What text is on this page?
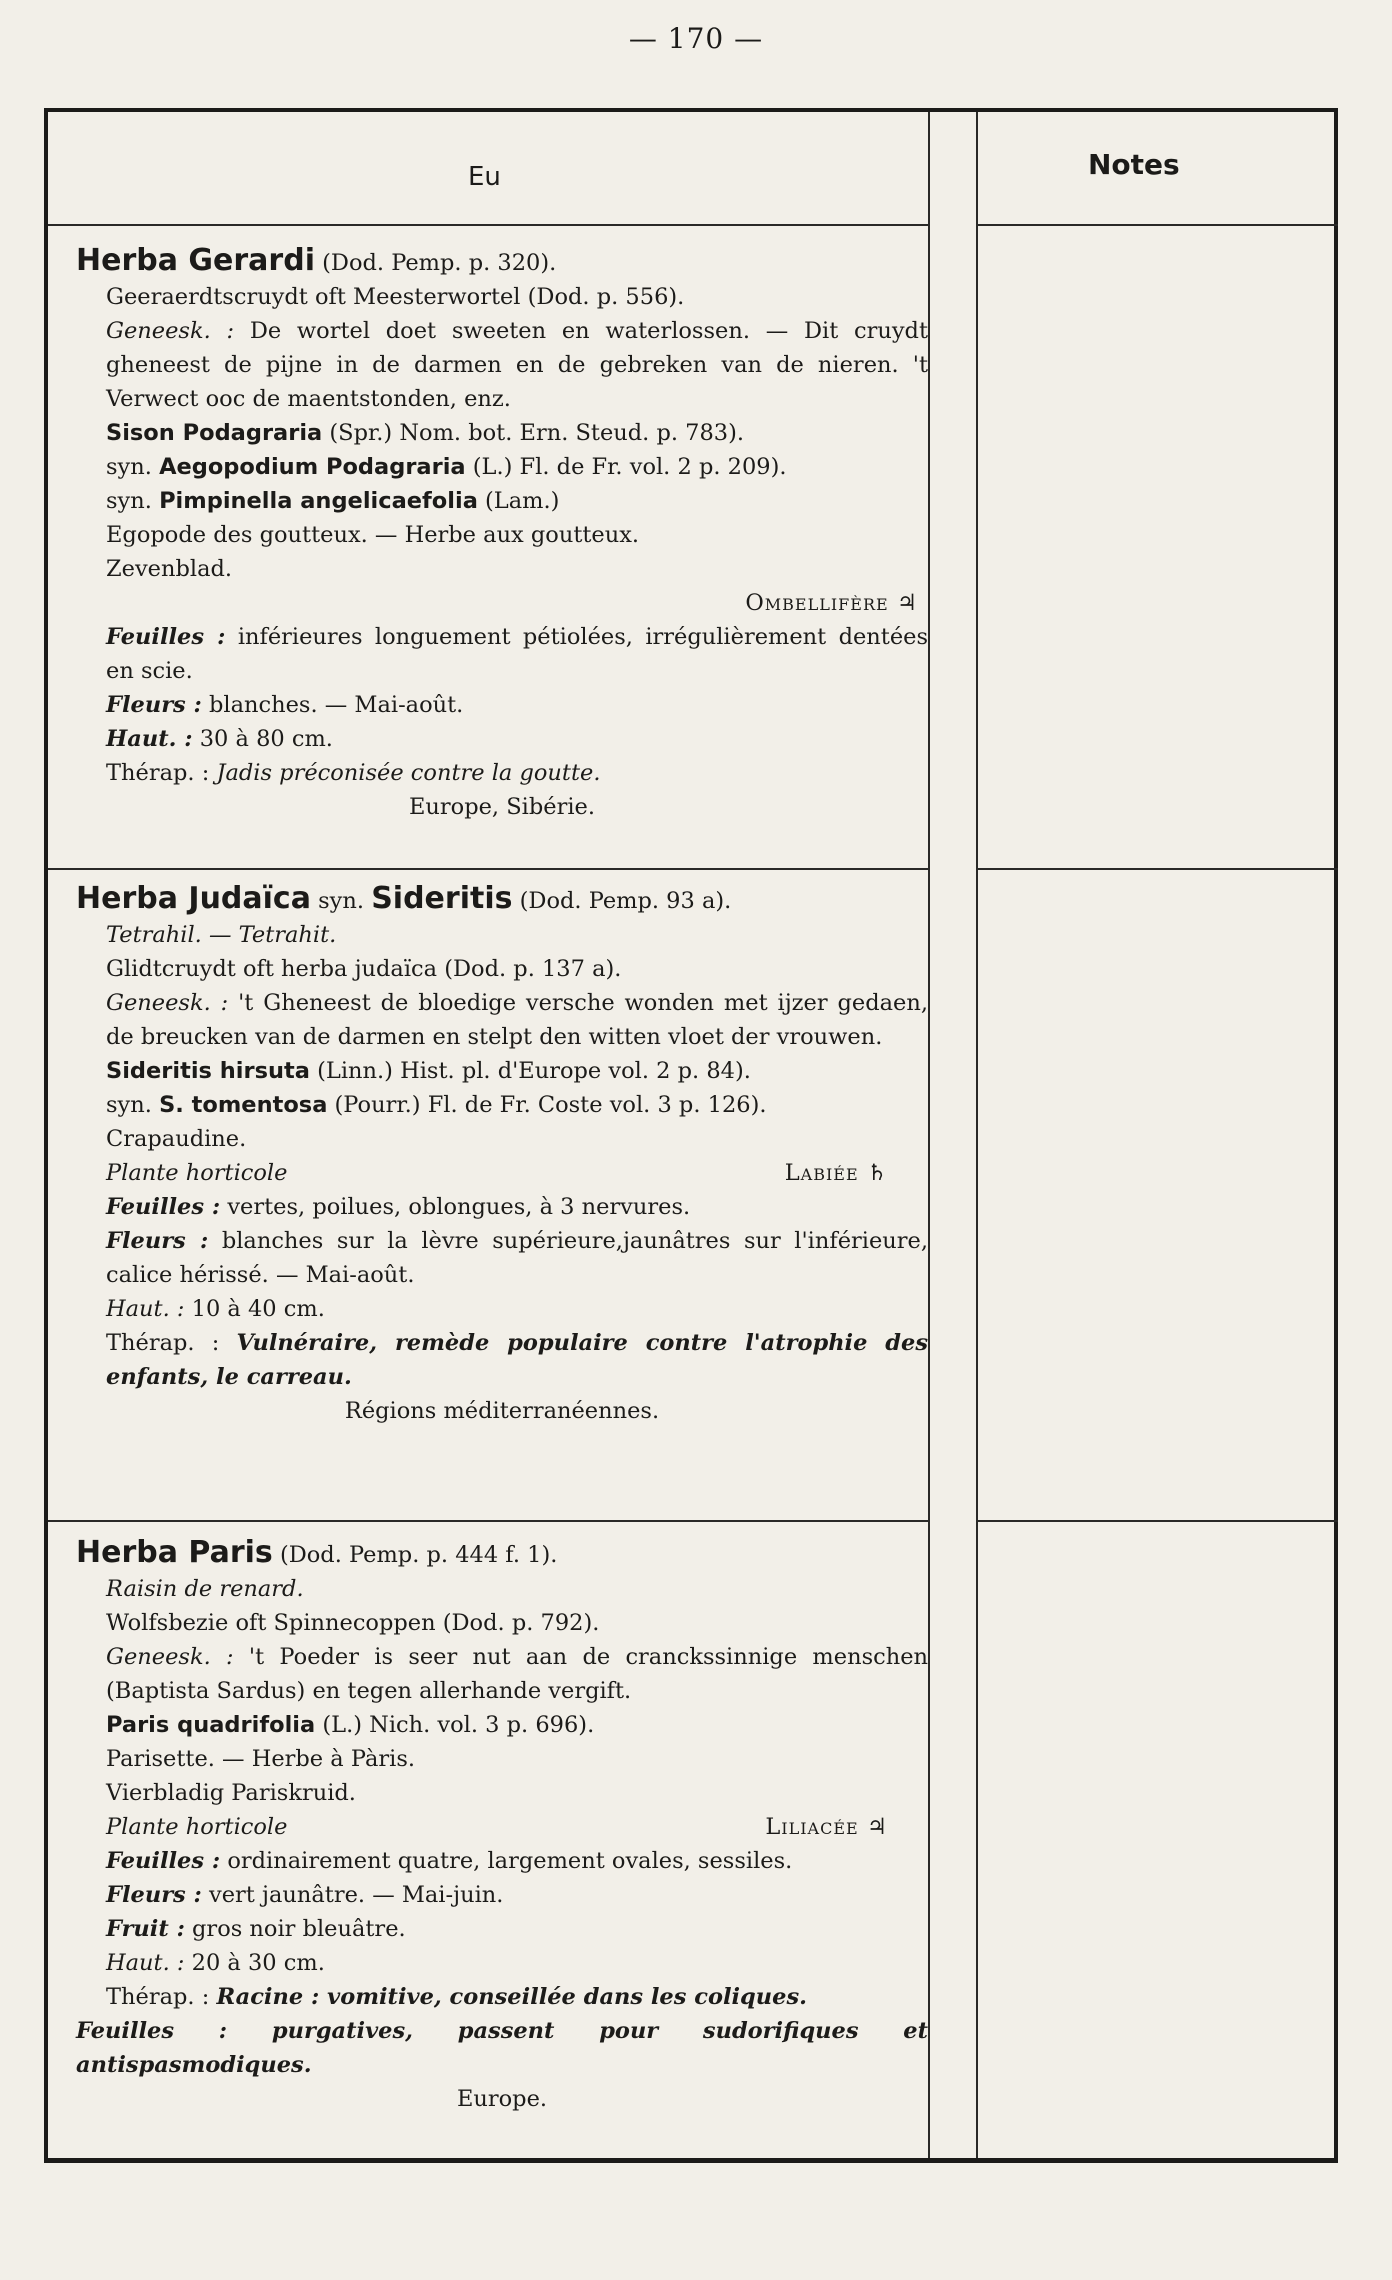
— 170 —
Eu	Notes
Herba Gerardi (Dod. Pemp. p. 320).
Geeraerdtscruydt oft Meesterwortel (Dod. p. 556).
Geneesk. : De wortel doet sweeten en waterlossen. — Dit cruydt gheneest de pijne in de darmen en de gebreken van de nieren. 't Verwect ooc de maentstonden, enz.
Sison Podagraria (Spr.) Nom. bot. Ern. Steud. p. 783).
syn. Aegopodium Podagraria (L.) Fl. de Fr. vol. 2 p. 209).
syn. Pimpinella angelicaefolia (Lam.)
Egopode des goutteux. — Herbe aux goutteux.
Zevenblad.
Ombellifère ♃
Feuilles : inférieures longuement pétiolées, irrégulièrement dentées en scie.
Fleurs : blanches. — Mai-août.
Haut. : 30 à 80 cm.
Thérap. : Jadis préconisée contre la goutte.
Europe, Sibérie.
Herba Judaïca syn. Sideritis (Dod. Pemp. 93 a).
Tetrahil. — Tetrahit.
Glidtcruydt oft herba judaïca (Dod. p. 137 a).
Geneesk. : 't Gheneest de bloedige versche wonden met ijzer gedaen, de breucken van de darmen en stelpt den witten vloet der vrouwen.
Sideritis hirsuta (Linn.) Hist. pl. d'Europe vol. 2 p. 84).
syn. S. tomentosa (Pourr.) Fl. de Fr. Coste vol. 3 p. 126).
Crapaudine.
Plante horticole	Labiée ♄
Feuilles : vertes, poilues, oblongues, à 3 nervures.
Fleurs : blanches sur la lèvre supérieure,jaunâtres sur l'inférieure, calice hérissé. — Mai-août.
Haut. : 10 à 40 cm.
Thérap. : Vulnéraire, remède populaire contre l'atrophie des enfants, le carreau.
Régions méditerranéennes.
Herba Paris (Dod. Pemp. p. 444 f. 1).
Raisin de renard.
Wolfsbezie oft Spinnecoppen (Dod. p. 792).
Geneesk. : 't Poeder is seer nut aan de cranckssinnige menschen (Baptista Sardus) en tegen allerhande vergift.
Paris quadrifolia (L.) Nich. vol. 3 p. 696).
Parisette. — Herbe à Pàris.
Vierbladig Pariskruid.
Plante horticole	Liliacée ♃
Feuilles : ordinairement quatre, largement ovales, sessiles.
Fleurs : vert jaunâtre. — Mai-juin.
Fruit : gros noir bleuâtre.
Haut. : 20 à 30 cm.
Thérap. : Racine : vomitive, conseillée dans les coliques.
Feuilles : purgatives, passent pour sudorifiques et antispasmodiques.
Europe.
